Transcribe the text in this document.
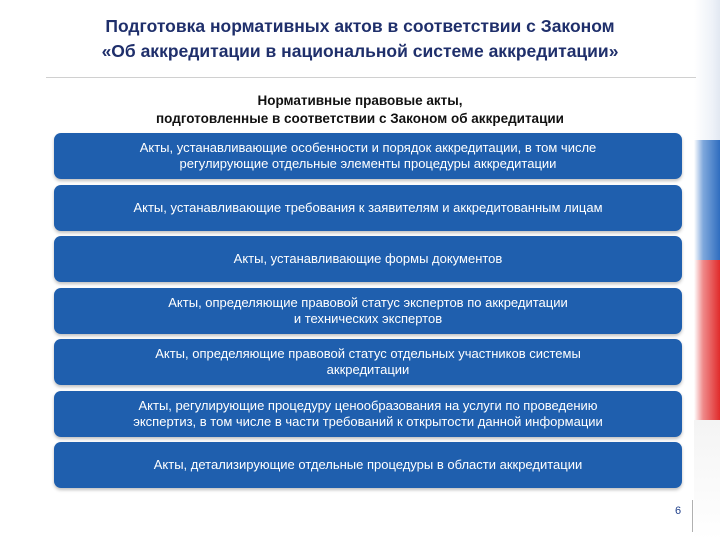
Подготовка нормативных актов в соответствии с Законом
«Об аккредитации в национальной системе аккредитации»
Нормативные правовые акты,
подготовленные в соответствии с Законом об аккредитации
Акты, устанавливающие особенности и порядок аккредитации, в том числе
регулирующие отдельные элементы процедуры аккредитации
Акты, устанавливающие требования к заявителям и аккредитованным лицам
Акты, устанавливающие формы документов
Акты, определяющие правовой статус экспертов по аккредитации
и технических экспертов
Акты, определяющие правовой статус отдельных участников системы
аккредитации
Акты, регулирующие процедуру ценообразования на услуги по проведению
экспертиз, в том числе в части требований к открытости данной информации
Акты, детализирующие отдельные процедуры в области аккредитации
6
